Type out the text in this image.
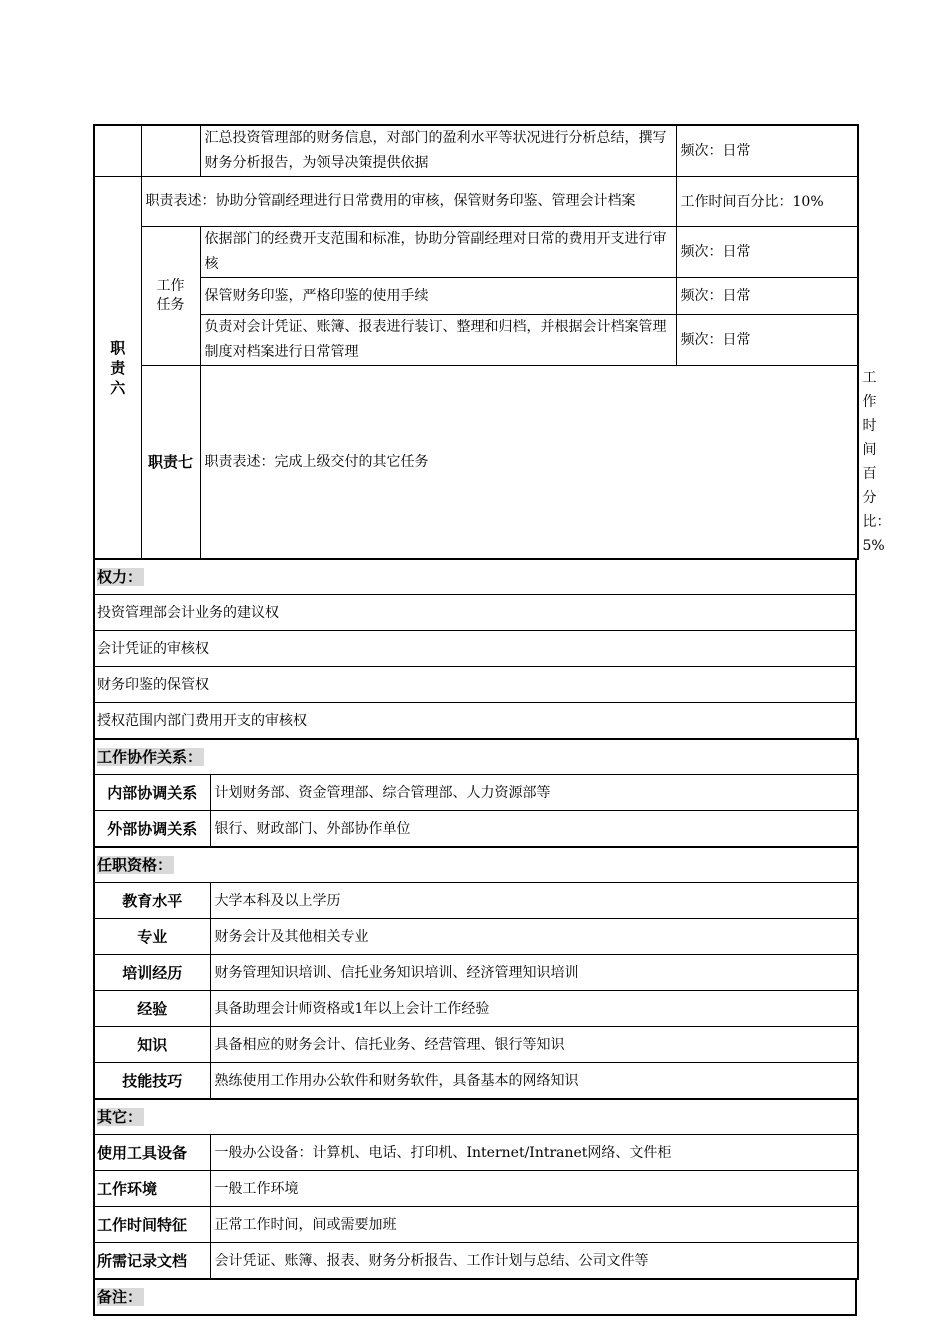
		汇总投资管理部的财务信息，对部门的盈利水平等状况进行分析总结，撰写财务分析报告，为领导决策提供依据	频次：日常	
职责六	职责表述：协助分管副经理进行日常费用的审核，保管财务印鉴、管理会计档案		工作时间百分比：10%	
	工作任务	依据部门的经费开支范围和标准，协助分管副经理对日常的费用开支进行审核	频次：日常	
		保管财务印鉴，严格印鉴的使用手续	频次：日常	
		负责对会计凭证、账簿、报表进行装订、整理和归档，并根据会计档案管理制度对档案进行日常管理	频次：日常	
	职责七	职责表述：完成上级交付的其它任务		工作时间百分比：5%
权力：
投资管理部会计业务的建议权
会计凭证的审核权
财务印鉴的保管权
授权范围内部门费用开支的审核权
工作协作关系：	
内部协调关系	计划财务部、资金管理部、综合管理部、人力资源部等
外部协调关系	银行、财政部门、外部协作单位
任职资格：	
教育水平	大学本科及以上学历
专业	财务会计及其他相关专业
培训经历	财务管理知识培训、信托业务知识培训、经济管理知识培训
经验	具备助理会计师资格或1年以上会计工作经验
知识	具备相应的财务会计、信托业务、经营管理、银行等知识
技能技巧	熟练使用工作用办公软件和财务软件，具备基本的网络知识
其它：	
使用工具设备	一般办公设备：计算机、电话、打印机、Internet/Intranet网络、文件柜
工作环境	一般工作环境
工作时间特征	正常工作时间，间或需要加班
所需记录文档	会计凭证、账簿、报表、财务分析报告、工作计划与总结、公司文件等
备注：
